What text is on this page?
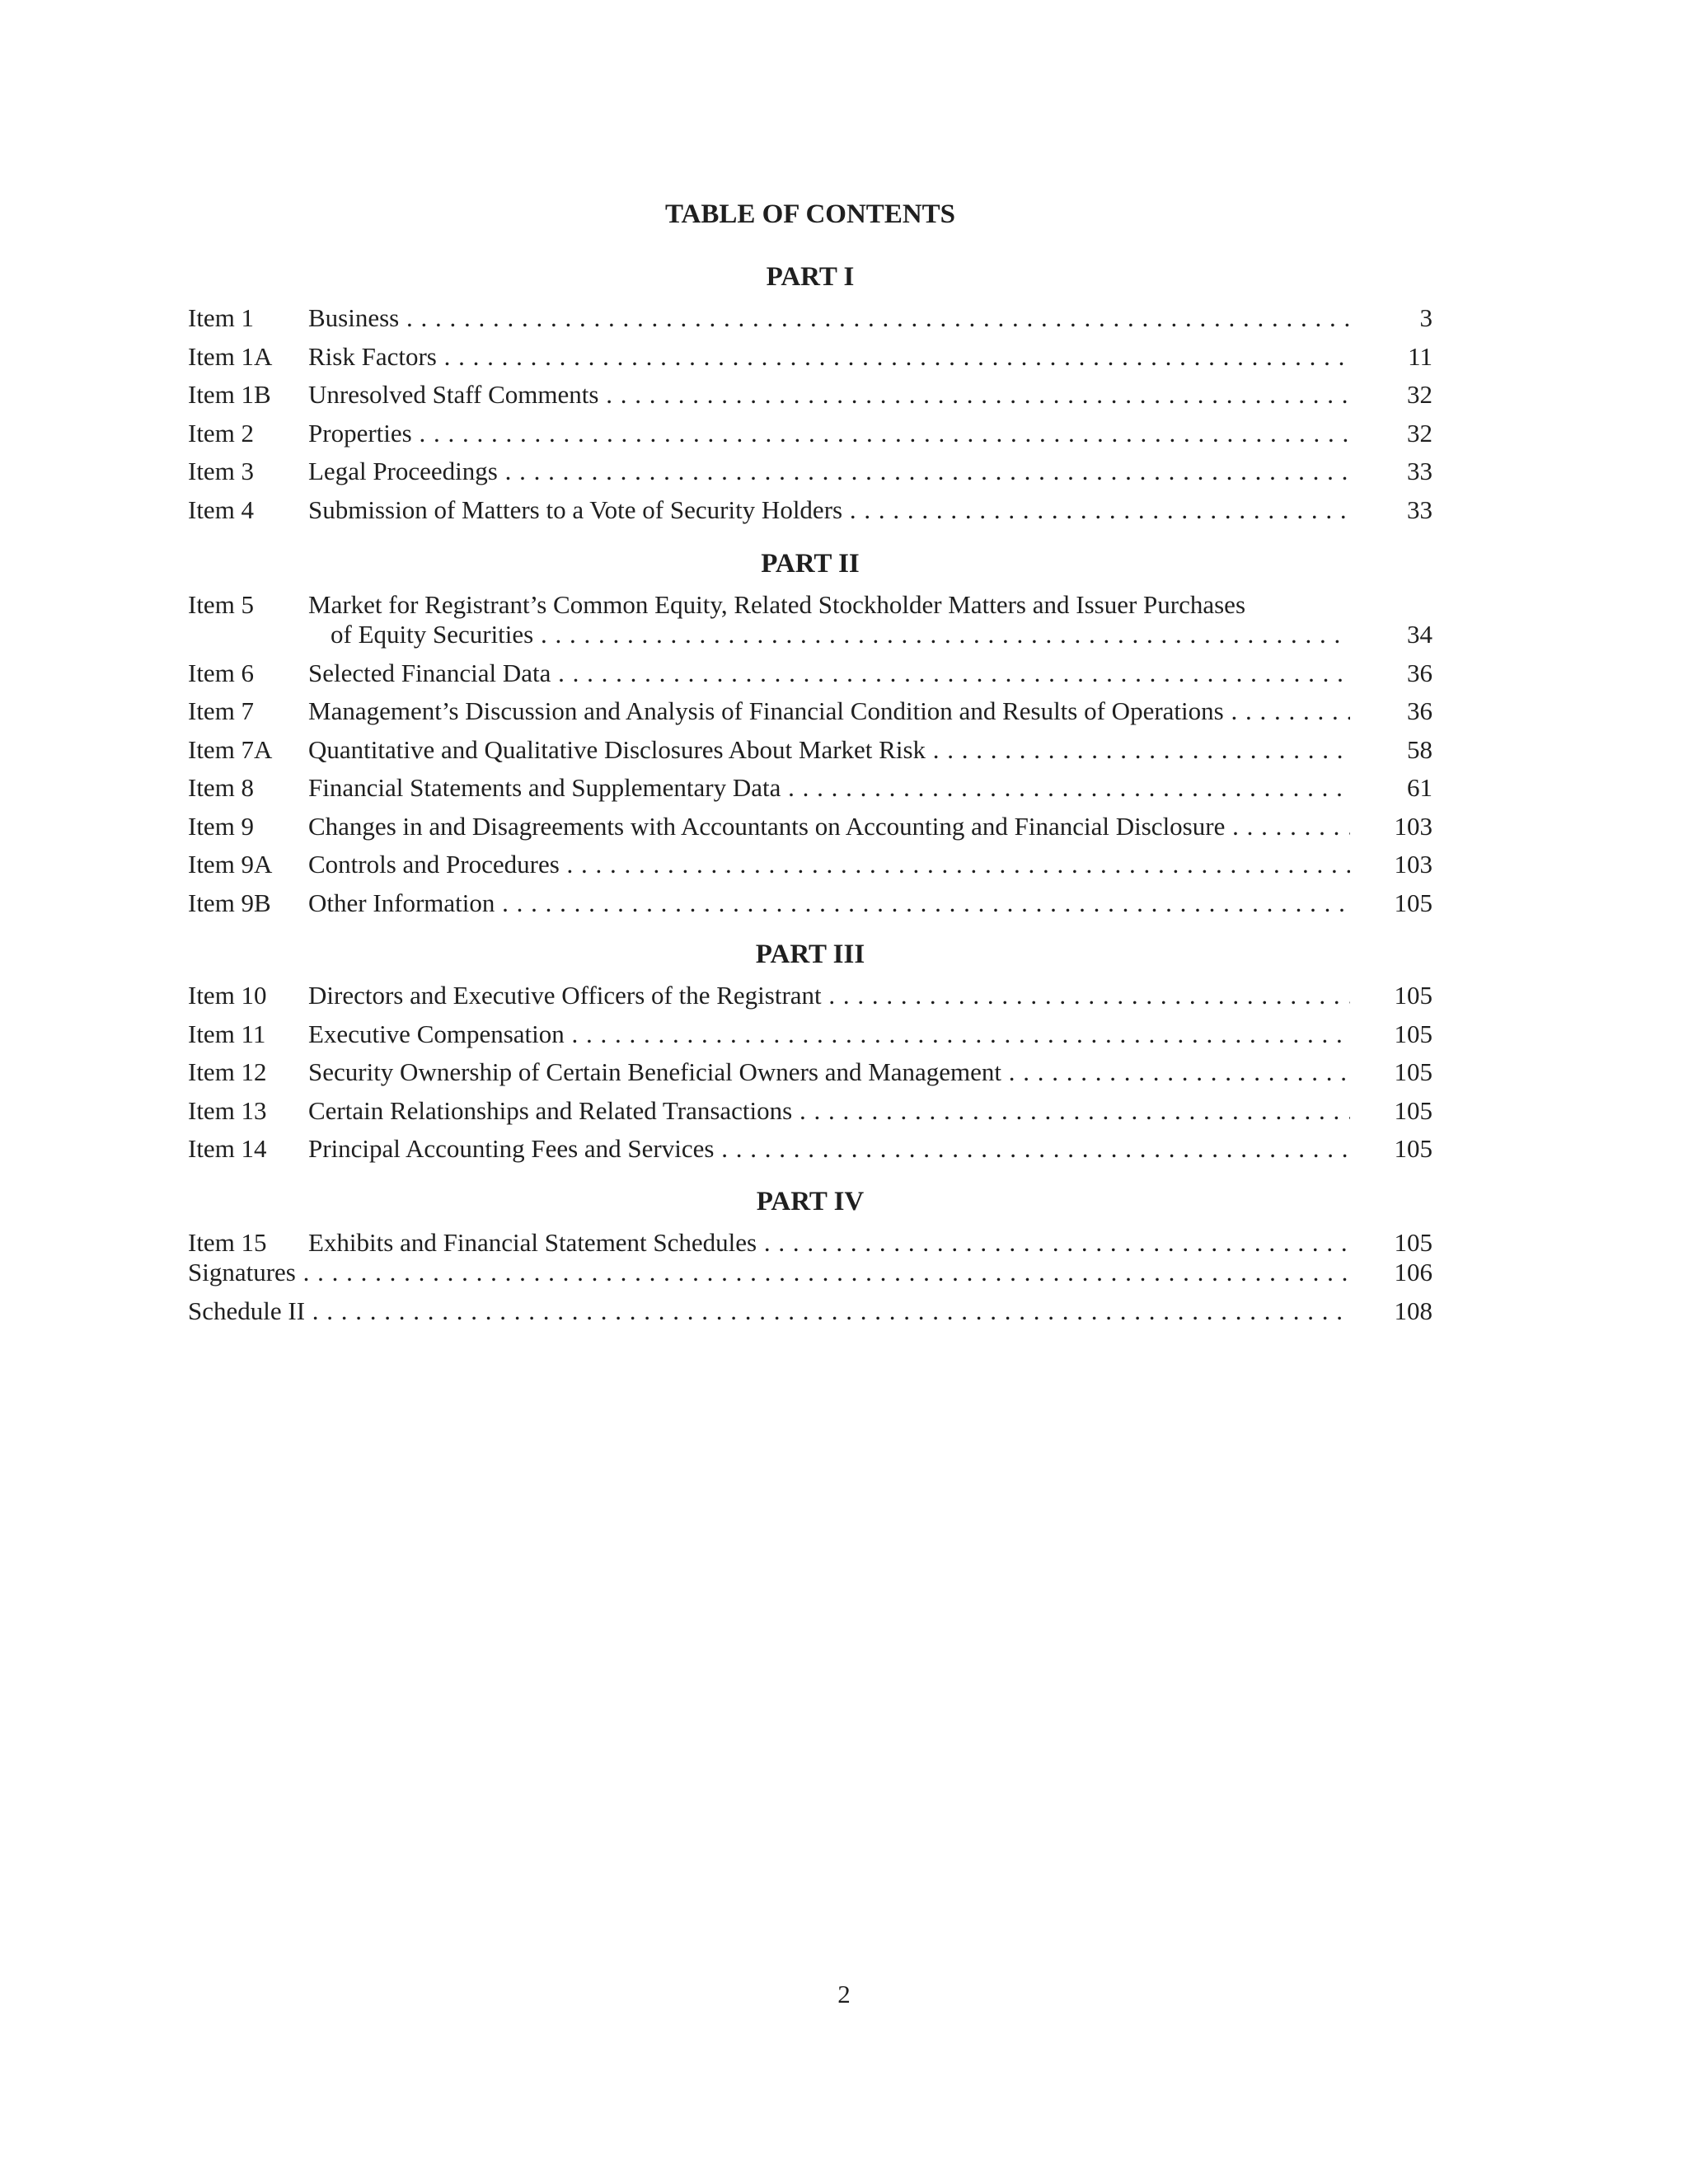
TABLE OF CONTENTS
PART I
Item 1 Business . . .	3
Item 1A Risk Factors . . .	11
Item 1B Unresolved Staff Comments . . .	32
Item 2 Properties . . .	32
Item 3 Legal Proceedings . . .	33
Item 4 Submission of Matters to a Vote of Security Holders . . .	33
PART II
Item 5 Market for Registrant’s Common Equity, Related Stockholder Matters and Issuer Purchases
of Equity Securities . . .	34
Item 6 Selected Financial Data . . .	36
Item 7 Management’s Discussion and Analysis of Financial Condition and Results of Operations . . .	36
Item 7A Quantitative and Qualitative Disclosures About Market Risk . . .	58
Item 8 Financial Statements and Supplementary Data . . .	61
Item 9 Changes in and Disagreements with Accountants on Accounting and Financial Disclosure . . .	103
Item 9A Controls and Procedures . . .	103
Item 9B Other Information . . .	105
PART III
Item 10 Directors and Executive Officers of the Registrant . . .	105
Item 11 Executive Compensation . . .	105
Item 12 Security Ownership of Certain Beneficial Owners and Management . . .	105
Item 13 Certain Relationships and Related Transactions . . .	105
Item 14 Principal Accounting Fees and Services . . .	105
PART IV
Item 15 Exhibits and Financial Statement Schedules . . .	105
Signatures . . .	106
Schedule II . . .	108
2
